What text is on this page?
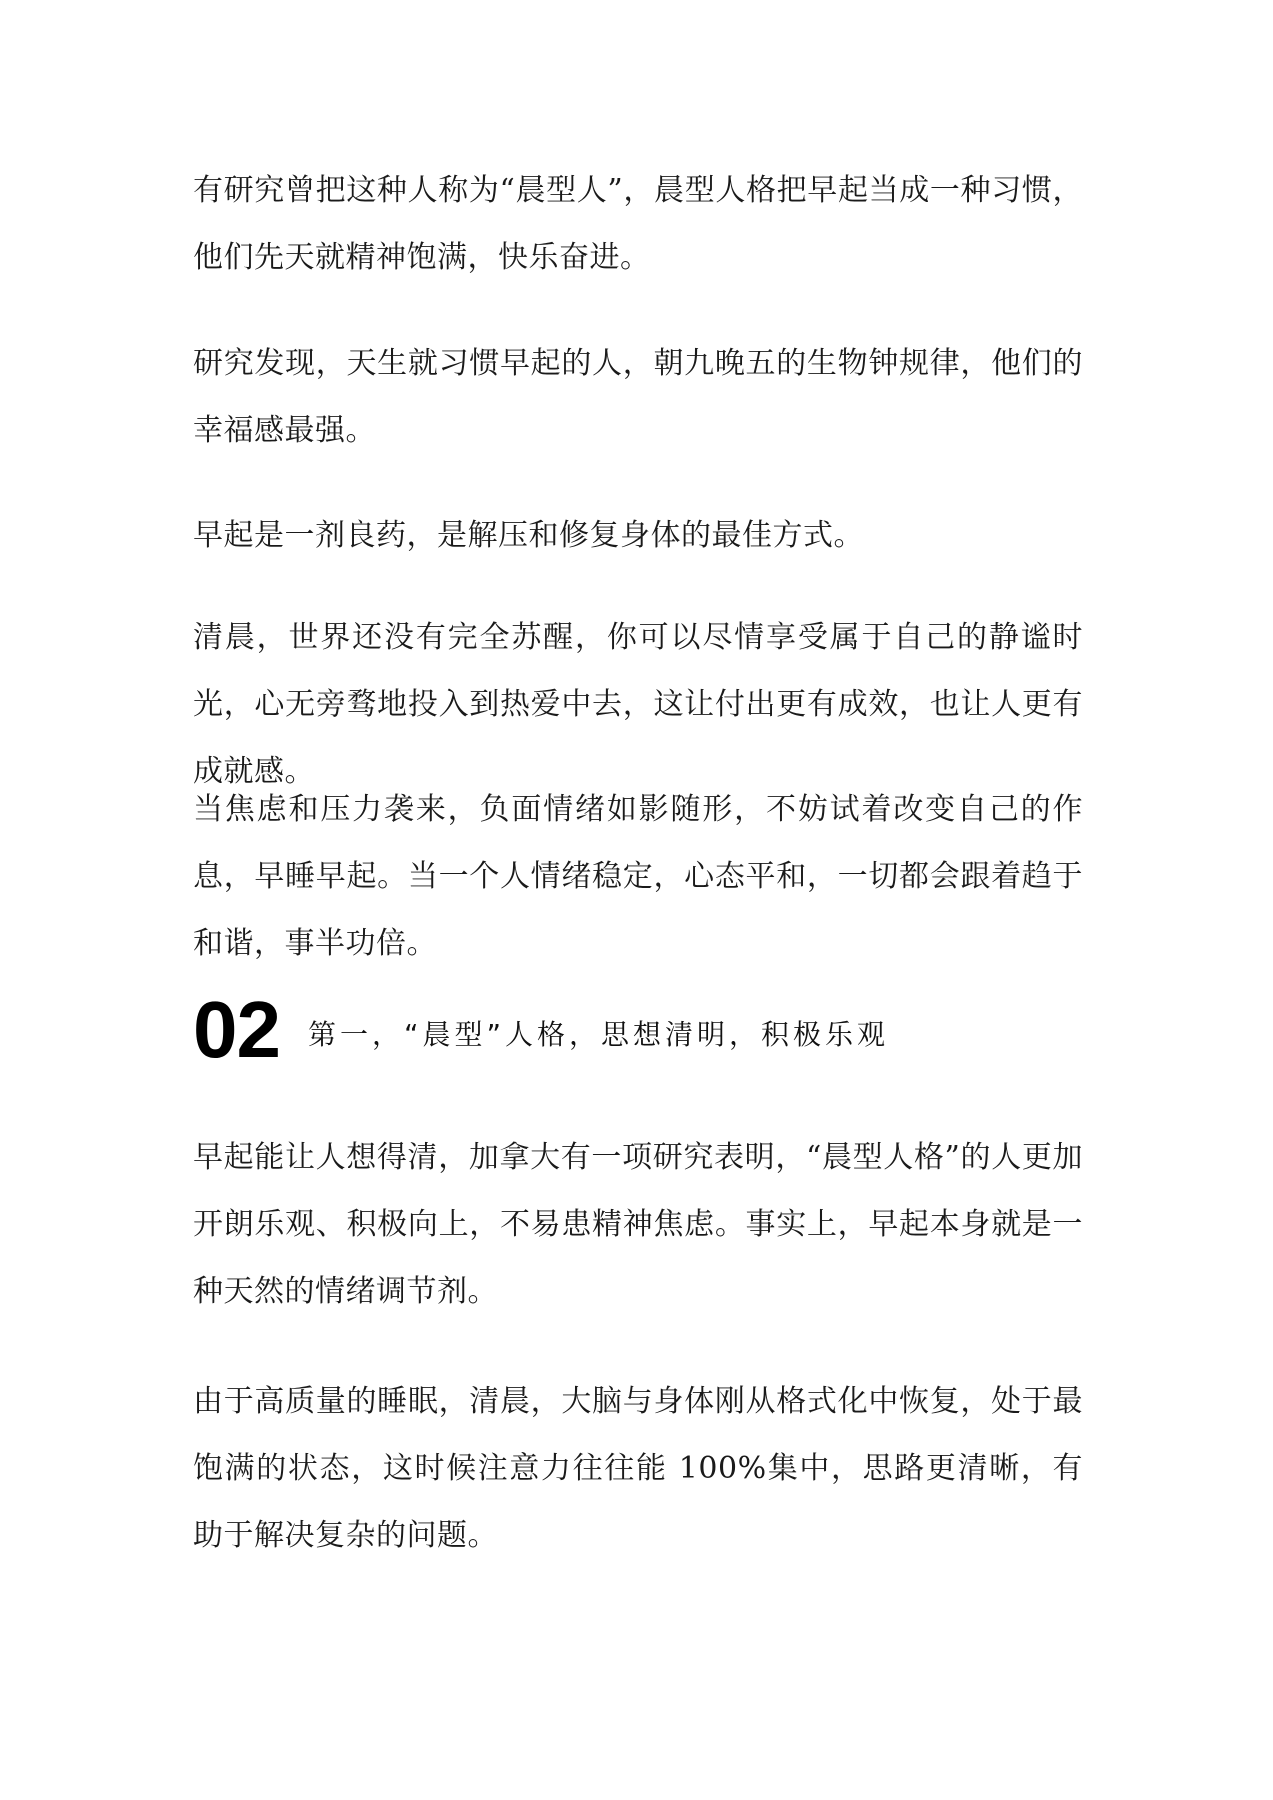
有研究曾把这种人称为“晨型人”，晨型人格把早起当成一种习惯，他们先天就精神饱满，快乐奋进。

研究发现，天生就习惯早起的人，朝九晚五的生物钟规律，他们的幸福感最强。

早起是一剂良药，是解压和修复身体的最佳方式。

清晨，世界还没有完全苏醒，你可以尽情享受属于自己的静谧时光，心无旁骛地投入到热爱中去，这让付出更有成效，也让人更有成就感。

当焦虑和压力袭来，负面情绪如影随形，不妨试着改变自己的作息，早睡早起。当一个人情绪稳定，心态平和，一切都会跟着趋于和谐，事半功倍。

02 第一，“晨型”人格，思想清明，积极乐观

早起能让人想得清，加拿大有一项研究表明，“晨型人格”的人更加开朗乐观、积极向上，不易患精神焦虑。事实上，早起本身就是一种天然的情绪调节剂。

由于高质量的睡眠，清晨，大脑与身体刚从格式化中恢复，处于最饱满的状态，这时候注意力往往能 100%集中，思路更清晰，有助于解决复杂的问题。
